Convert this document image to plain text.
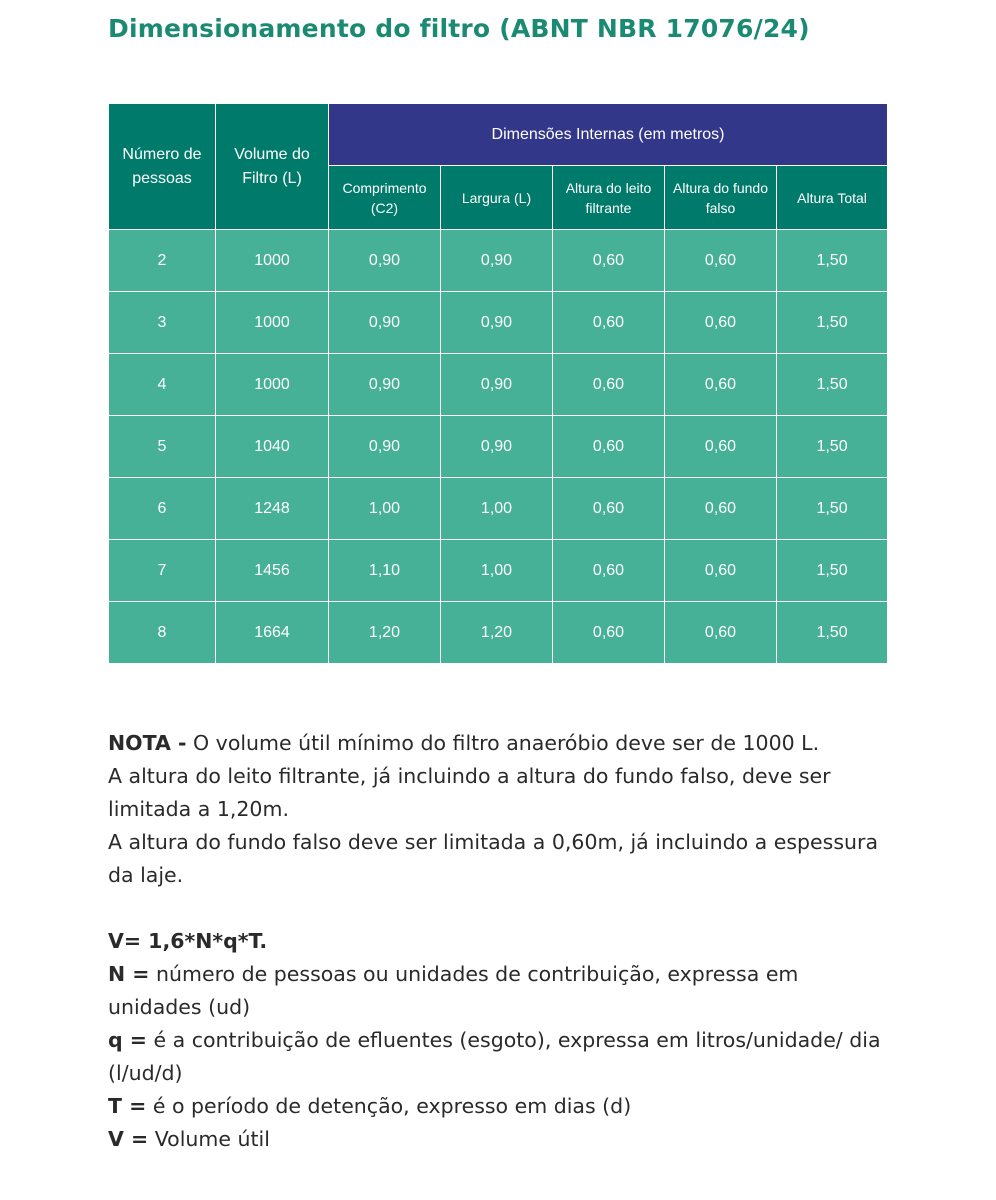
Dimensionamento do filtro (ABNT NBR 17076/24)
Número de pessoas	Volume do Filtro (L)	Dimensões Internas (em metros)				
		Comprimento (C2)	Largura (L)	Altura do leito filtrante	Altura do fundo falso	Altura Total
2	1000	0,90	0,90	0,60	0,60	1,50
3	1000	0,90	0,90	0,60	0,60	1,50
4	1000	0,90	0,90	0,60	0,60	1,50
5	1040	0,90	0,90	0,60	0,60	1,50
6	1248	1,00	1,00	0,60	0,60	1,50
7	1456	1,10	1,00	0,60	0,60	1,50
8	1664	1,20	1,20	0,60	0,60	1,50

NOTA - O volume útil mínimo do filtro anaeróbio deve ser de 1000 L.

A altura do leito filtrante, já incluindo a altura do fundo falso, deve ser limitada a 1,20m.

A altura do fundo falso deve ser limitada a 0,60m, já incluindo a espessura da laje.

V= 1,6*N*q*T.

N = número de pessoas ou unidades de contribuição, expressa em unidades (ud)

q = é a contribuição de efluentes (esgoto), expressa em litros/unidade/ dia (l/ud/d)

T = é o período de detenção, expresso em dias (d)

V = Volume útil
